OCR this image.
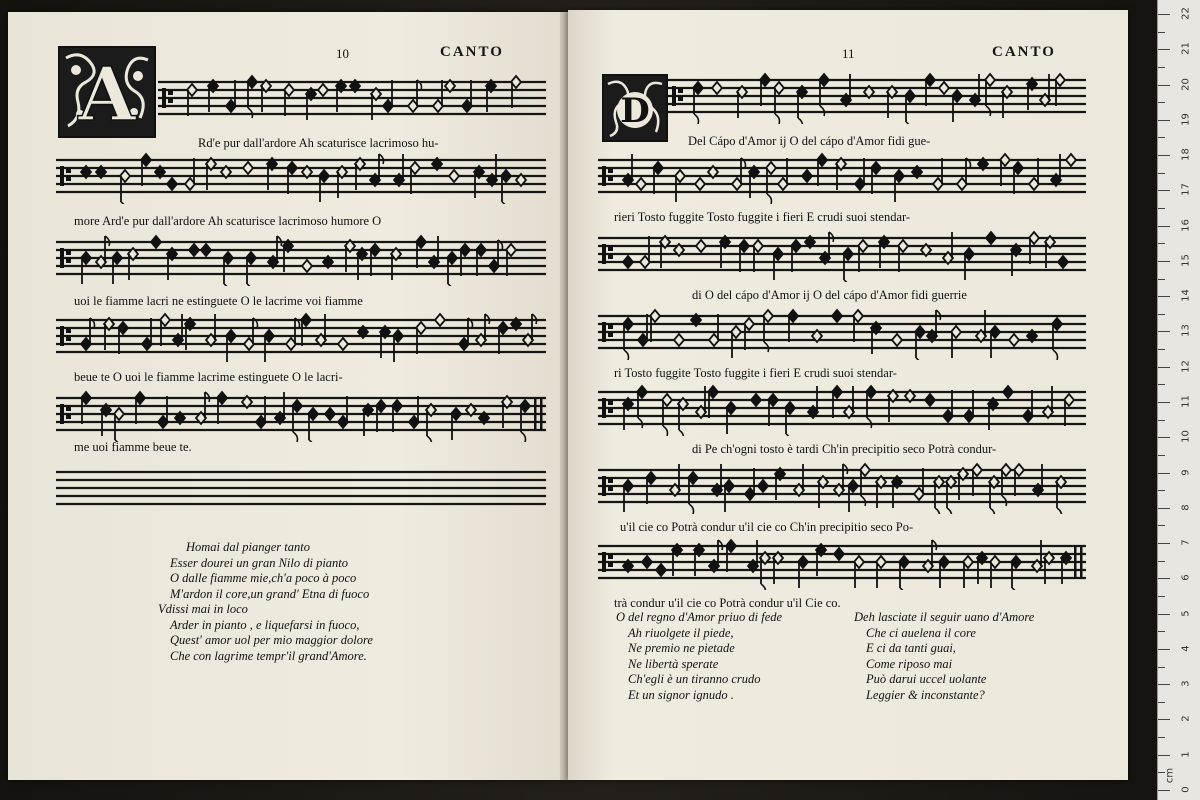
10	CANTO
A
Rd'e pur dall'ardore Ah scaturisce lacrimoso hu-
more Ard'e pur dall'ardore Ah scaturisce lacrimoso humore O
uoi le fiamme lacri ne estinguete O le lacrime voi fiamme
beue te O uoi le fiamme lacrime estinguete O le lacri-
me uoi fiamme beue te.
Homai dal pianger tanto
Esser dourei un gran Nilo di pianto
O dalle fiamme mie,ch'a poco à poco
M'ardon il core,un grand' Etna di fuoco
Vdissi mai in loco
Arder in pianto , e liquefarsi in fuoco,
Quest' amor uol per mio maggior dolore
Che con lagrime tempr'il grand'Amore.
11	CANTO
D
Del Cápo d'Amor ij O del cápo d'Amor fidi gue-
rieri Tosto fuggite Tosto fuggite i fieri E crudi suoi stendar-
di O del cápo d'Amor ij O del cápo d'Amor fidi guerrie
ri Tosto fuggite Tosto fuggite i fieri E crudi suoi stendar-
di Pe ch'ogni tosto è tardi Ch'in precipitio seco Potrà condur-
u'il cie co Potrà condur u'il cie co Ch'in precipitio seco Po-
trà condur u'il cie co Potrà condur u'il Cie co.
O del regno d'Amor priuo di fede
Ah riuolgete il piede,
Ne premio ne pietade
Ne libertà sperate
Ch'egli è un tiranno crudo
Et un signor ignudo .
Deh lasciate il seguir uano d'Amore
Che ci auelena il core
E ci da tanti guai,
Come riposo mai
Può darui uccel uolante
Leggier & inconstante?
22
21
20
19
18
17
16
15
14
13
12
11
10
9
8
7
6
5
4
3
2
1
0
cm
